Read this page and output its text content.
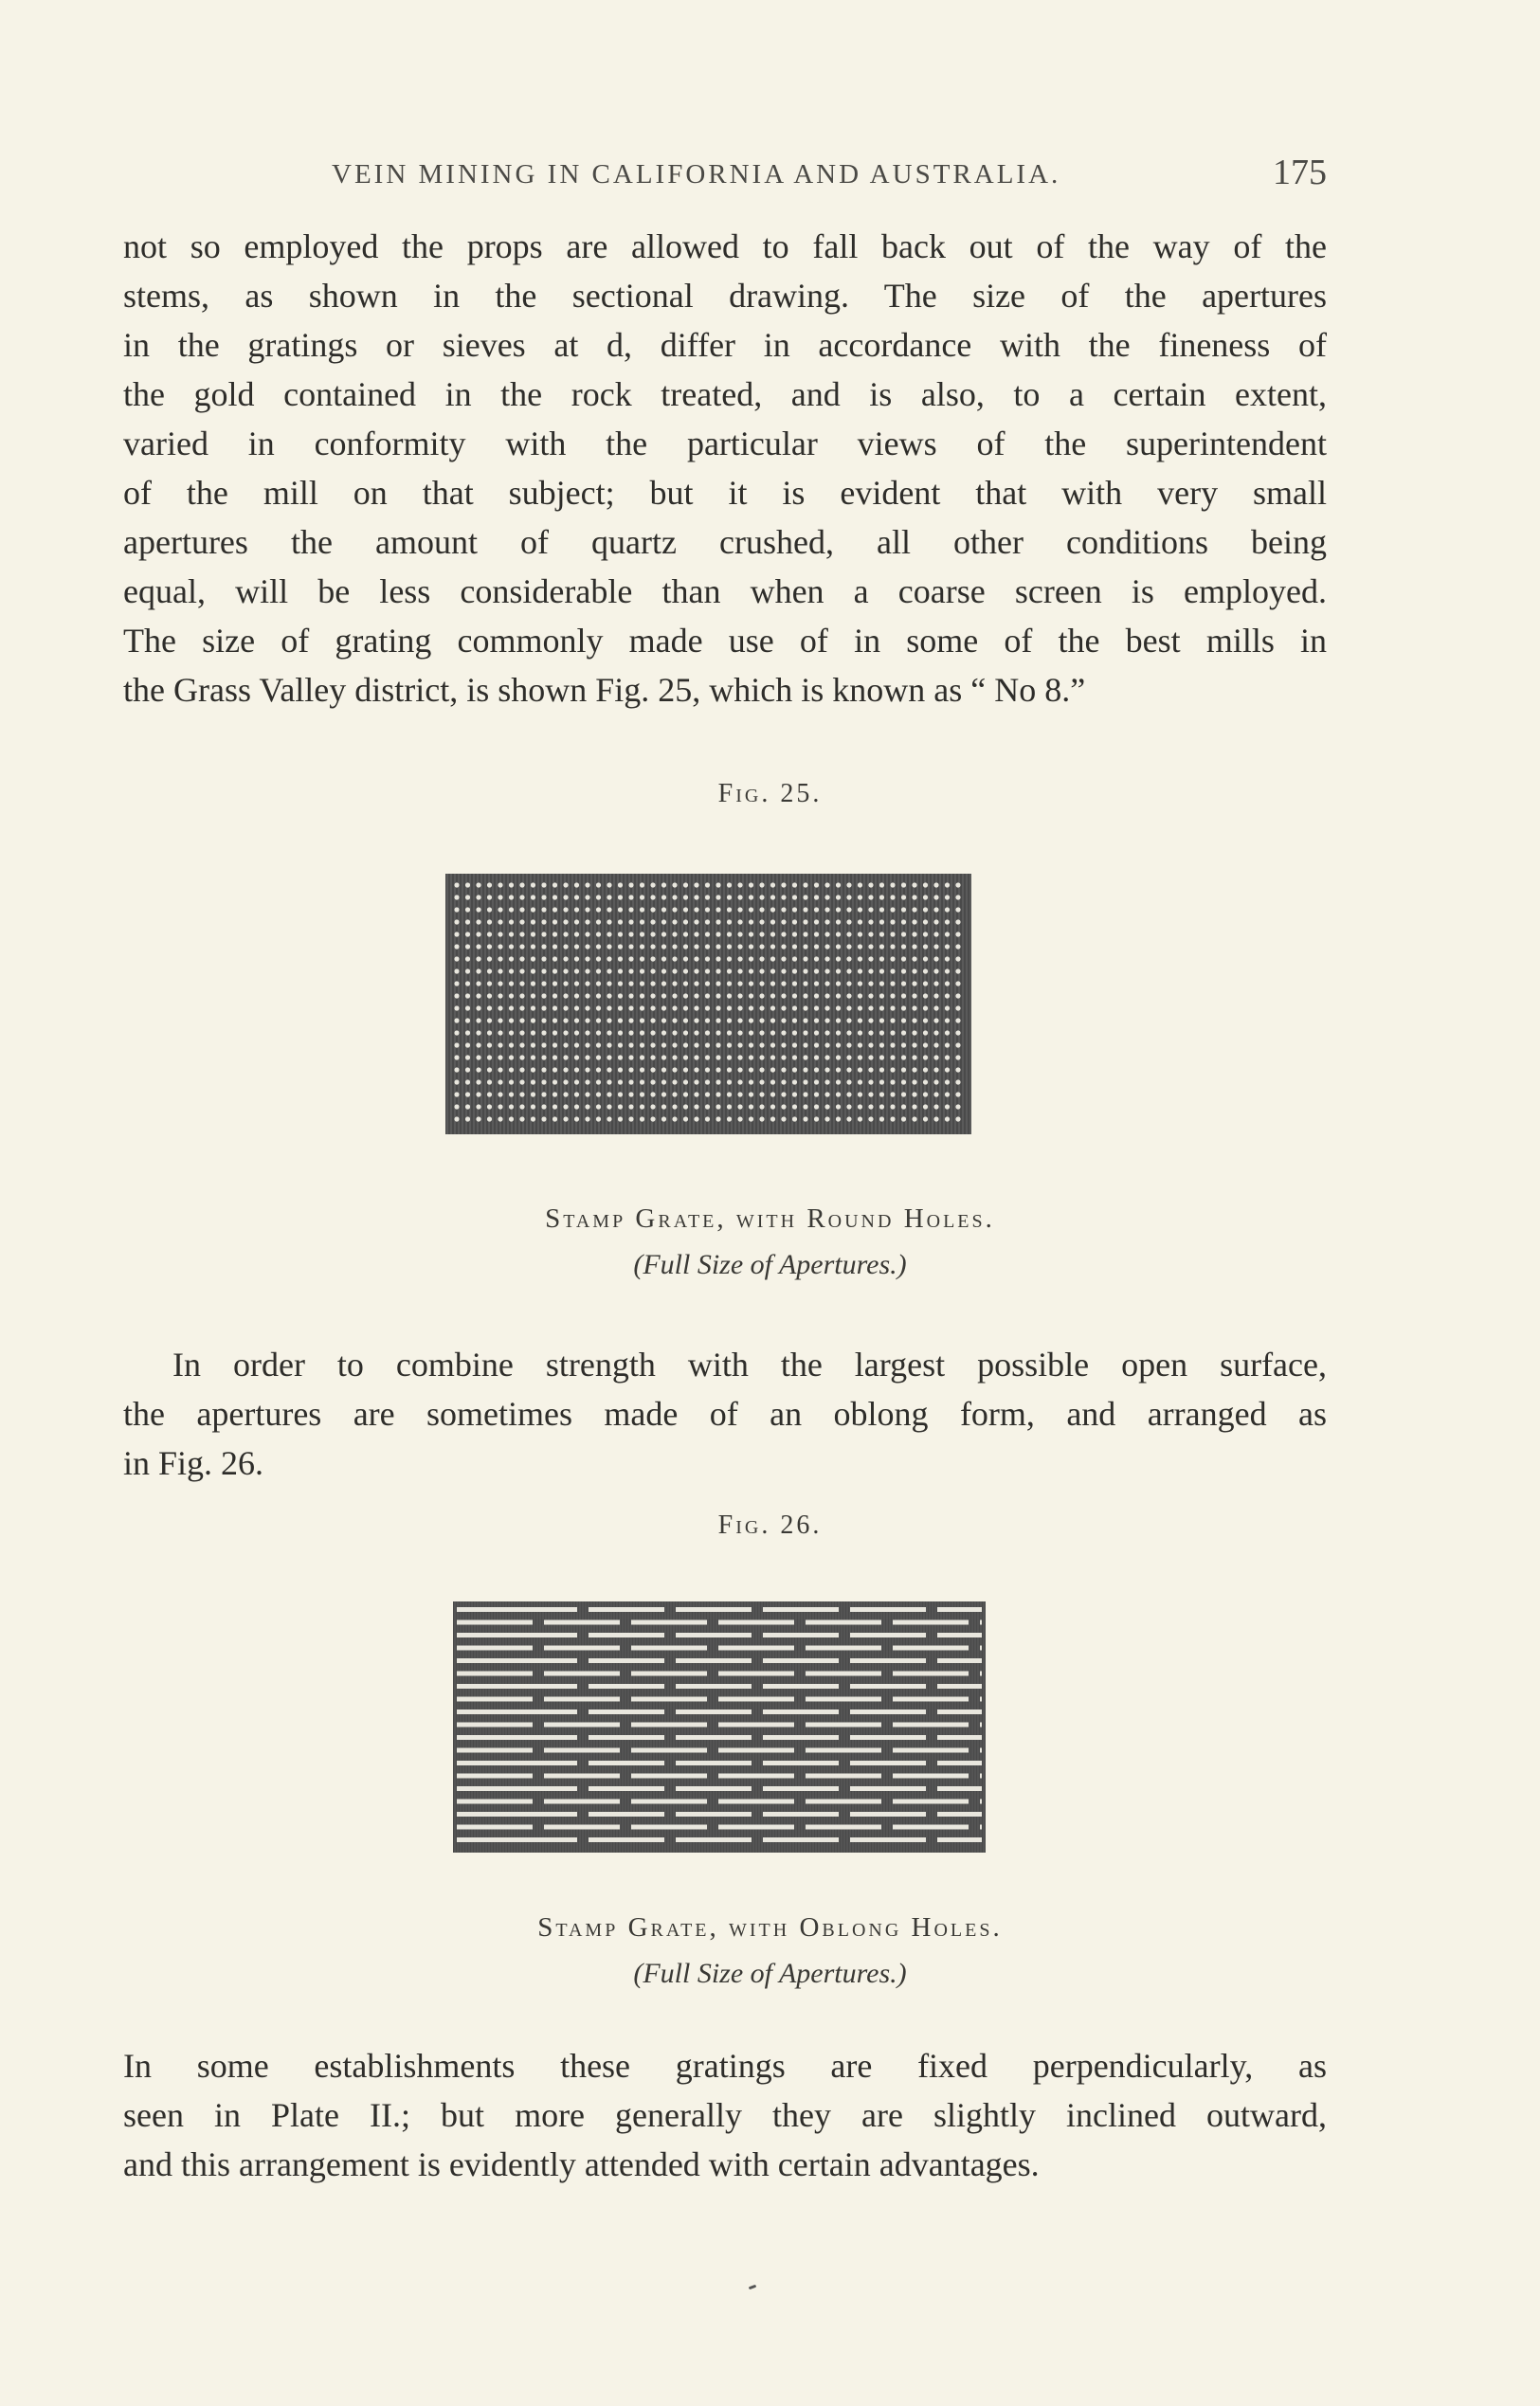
VEIN MINING IN CALIFORNIA AND AUSTRALIA.	175

not so employed the props are allowed to fall back out of the way of the
stems, as shown in the sectional drawing. The size of the apertures
in the gratings or sieves at d, differ in accordance with the fineness of
the gold contained in the rock treated, and is also, to a certain extent,
varied in conformity with the particular views of the superintendent
of the mill on that subject; but it is evident that with very small
apertures the amount of quartz crushed, all other conditions being
equal, will be less considerable than when a coarse screen is employed.
The size of grating commonly made use of in some of the best mills in
the Grass Valley district, is shown Fig. 25, which is known as “ No 8.”

Fig. 25.
Stamp Grate, with Round Holes.
(Full Size of Apertures.)

In order to combine strength with the largest possible open surface,
the apertures are sometimes made of an oblong form, and arranged as
in Fig. 26.

Fig. 26.
Stamp Grate, with Oblong Holes.
(Full Size of Apertures.)

In some establishments these gratings are fixed perpendicularly, as
seen in Plate II.; but more generally they are slightly inclined outward,
and this arrangement is evidently attended with certain advantages.
